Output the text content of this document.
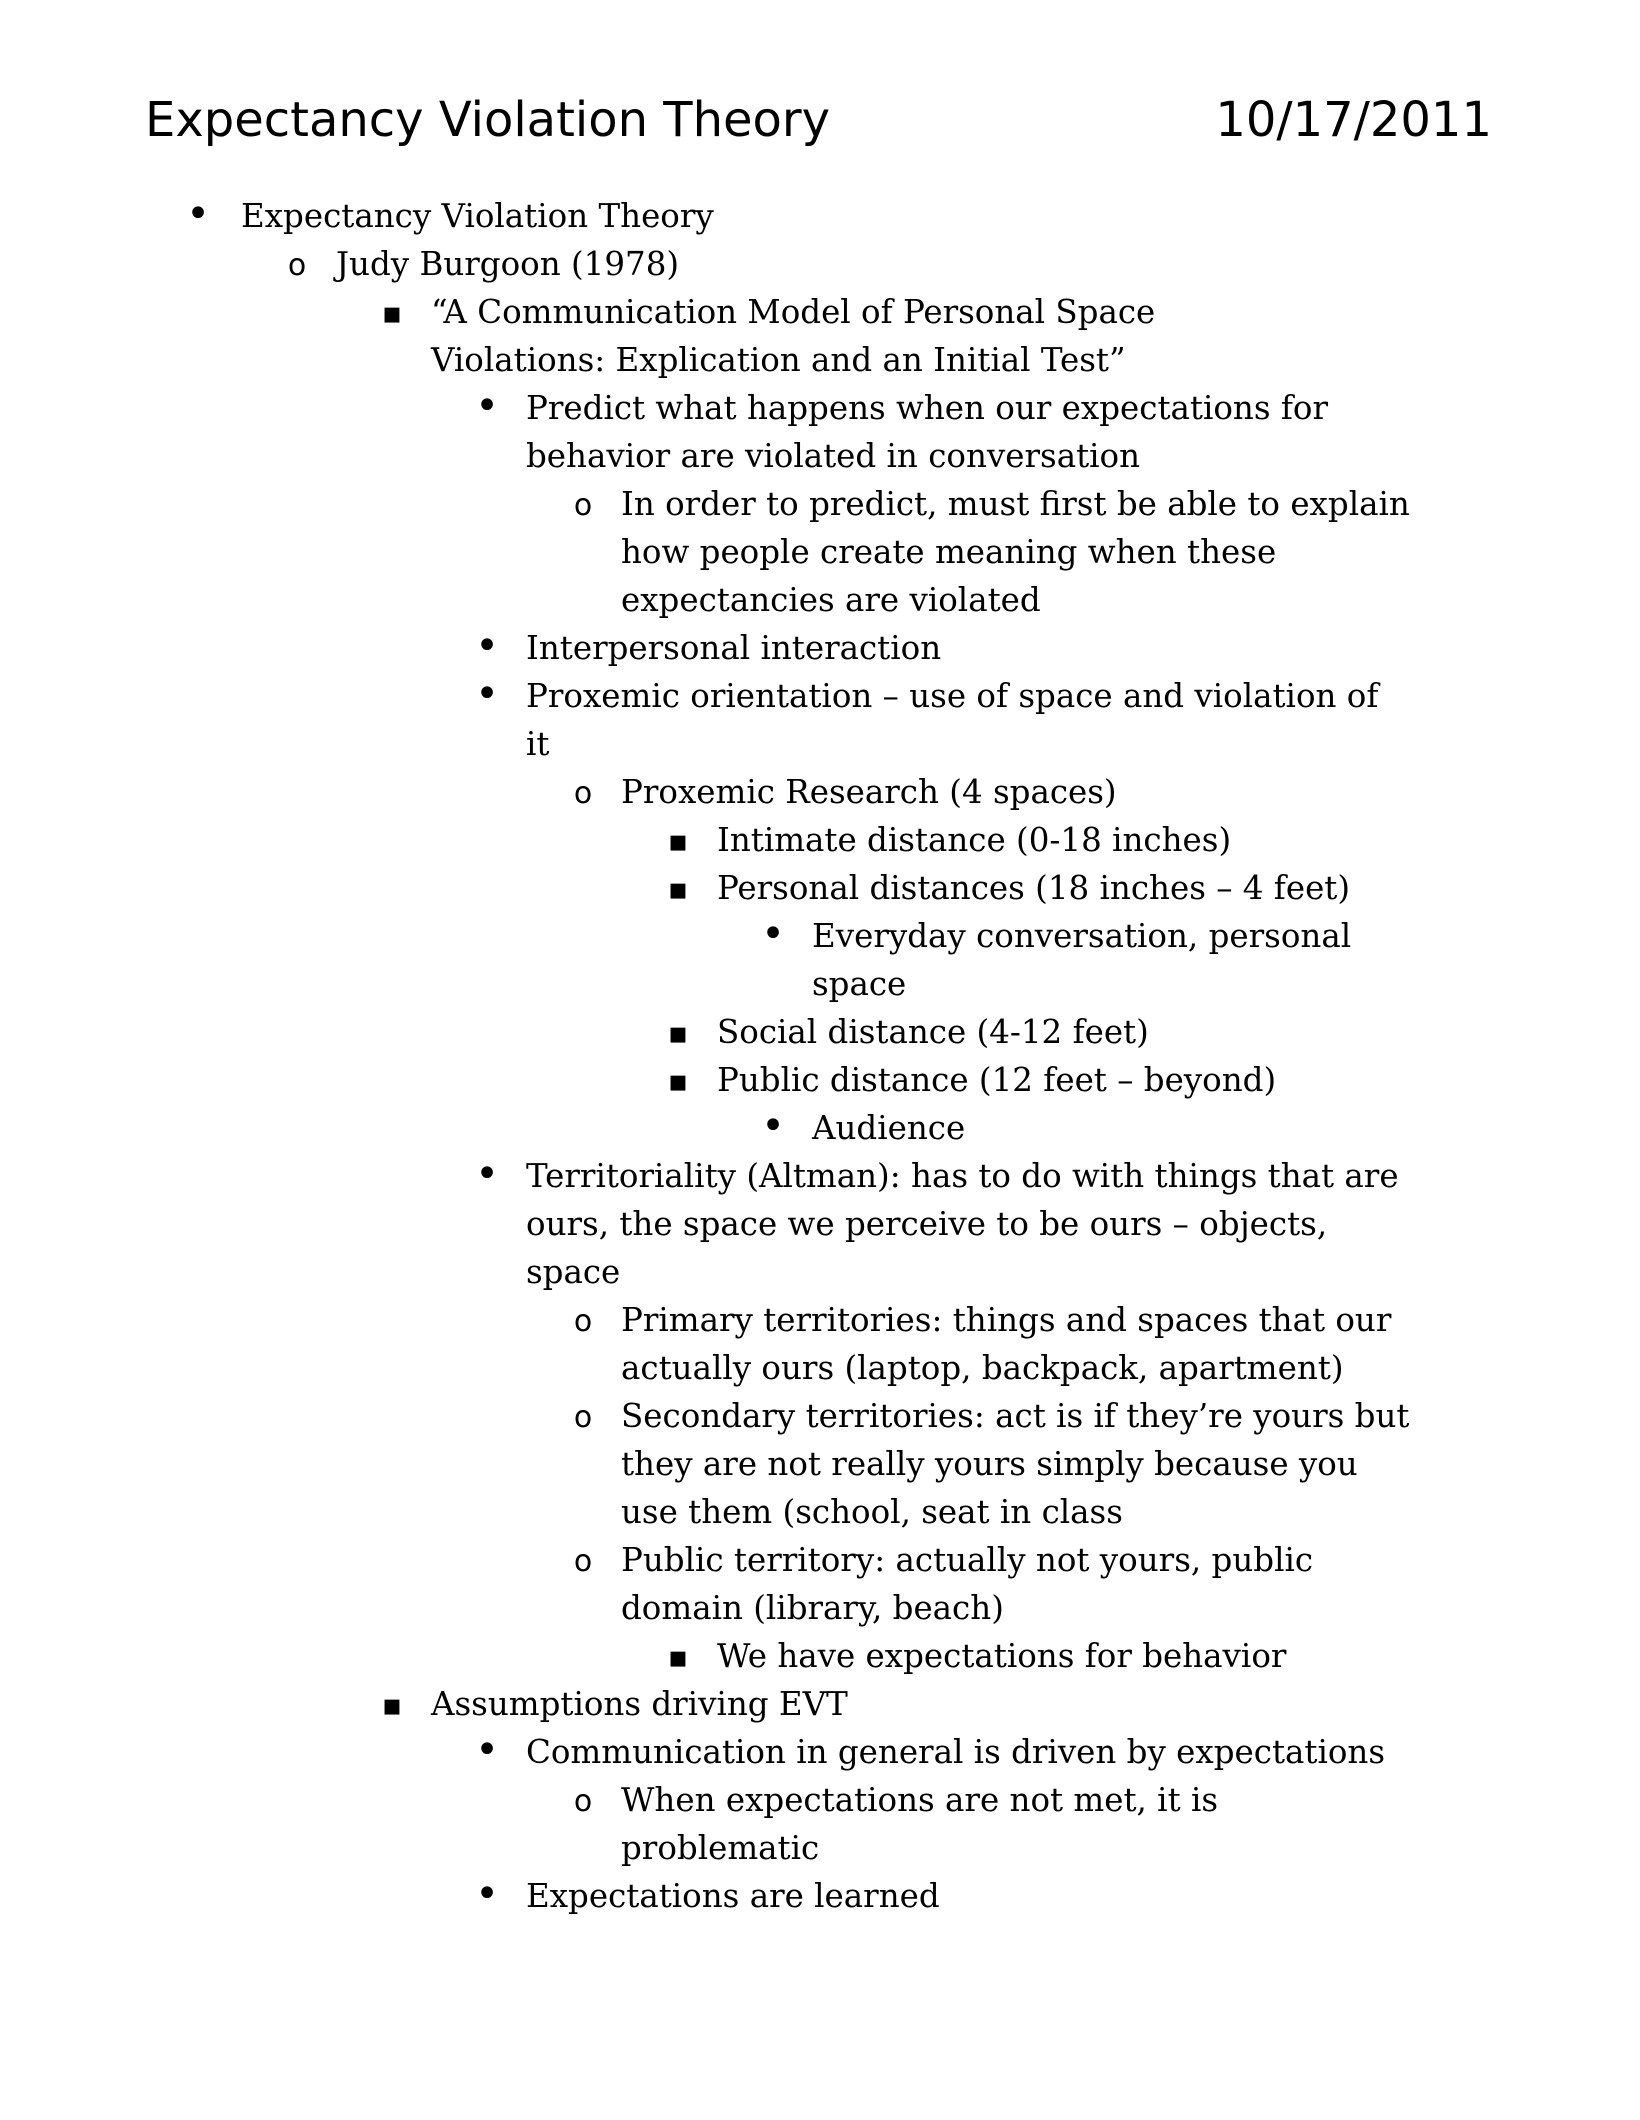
Expectancy Violation Theory	10/17/2011
•
Expectancy Violation Theory
o
Judy Burgoon (1978)
▪
“A Communication Model of Personal Space Violations: Explication and an Initial Test”
•
Predict what happens when our expectations for behavior are violated in conversation
o
In order to predict, must first be able to explain how people create meaning when these expectancies are violated
•
Interpersonal interaction
•
Proxemic orientation – use of space and violation of it
o
Proxemic Research (4 spaces)
▪
Intimate distance (0-18 inches)
▪
Personal distances (18 inches – 4 feet)
•
Everyday conversation, personal space
▪
Social distance (4-12 feet)
▪
Public distance (12 feet – beyond)
•
Audience
•
Territoriality (Altman): has to do with things that are ours, the space we perceive to be ours – objects, space
o
Primary territories: things and spaces that our actually ours (laptop, backpack, apartment)
o
Secondary territories: act is if they’re yours but they are not really yours simply because you use them (school, seat in class
o
Public territory: actually not yours, public domain (library, beach)
▪
We have expectations for behavior
▪
Assumptions driving EVT
•
Communication in general is driven by expectations
o
When expectations are not met, it is problematic
•
Expectations are learned
